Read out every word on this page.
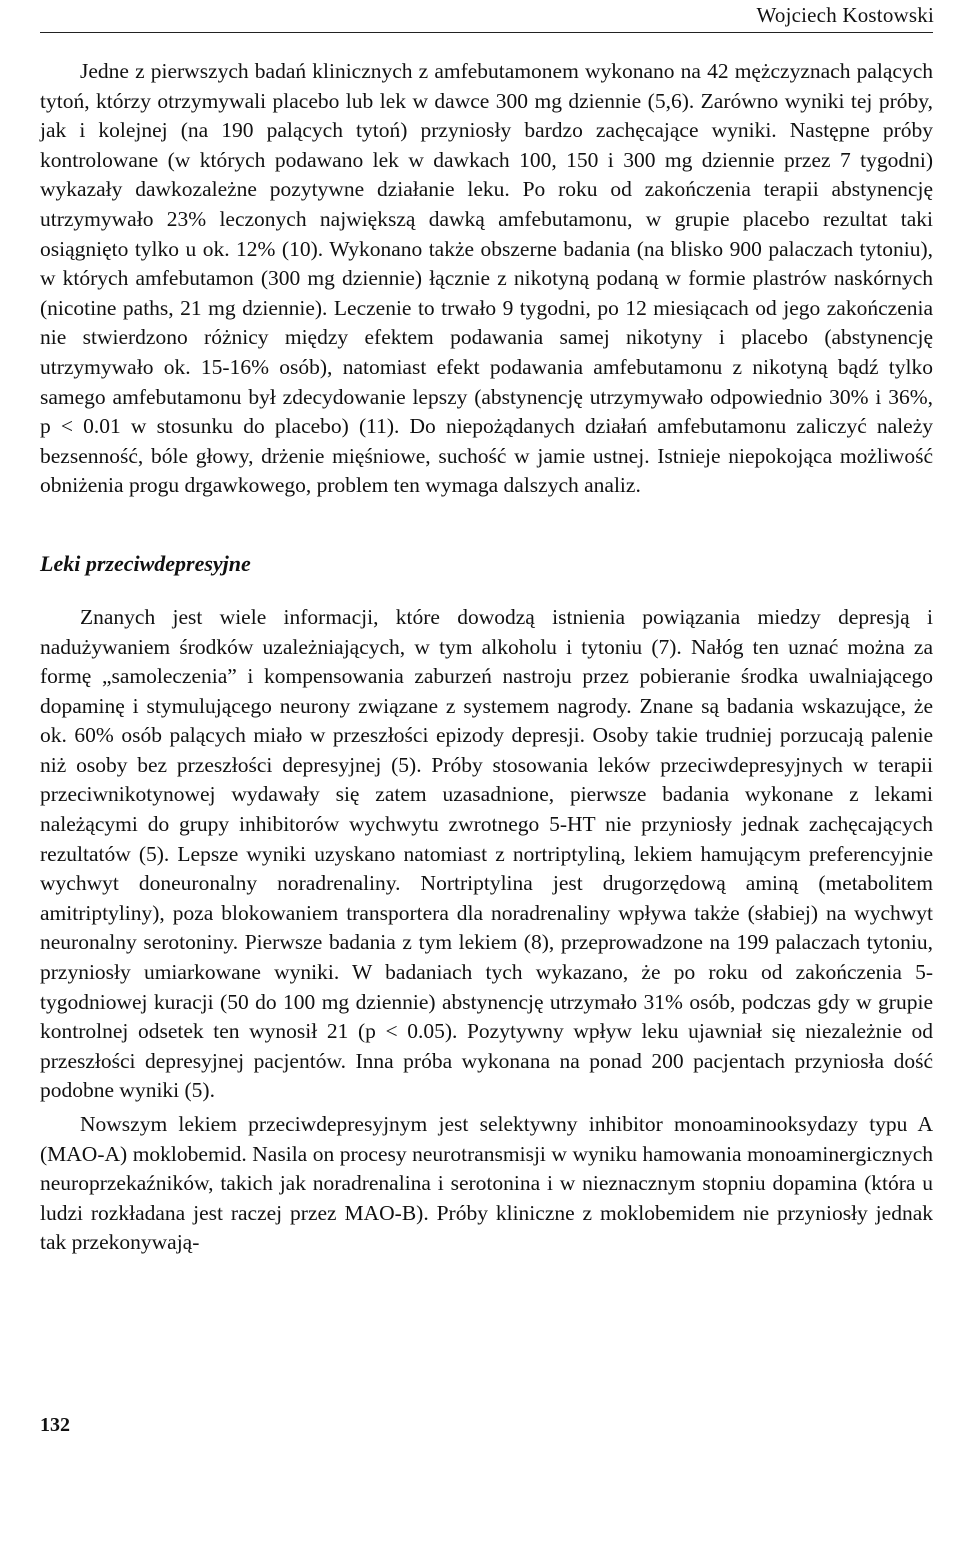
Wojciech Kostowski

Jedne z pierwszych badań klinicznych z amfebutamonem wykonano na 42 mężczyznach palących tytoń, którzy otrzymywali placebo lub lek w dawce 300 mg dziennie (5,6). Zarówno wyniki tej próby, jak i kolejnej (na 190 palących tytoń) przyniosły bardzo zachęcające wyniki. Następne próby kontrolowane (w których podawano lek w dawkach 100, 150 i 300 mg dziennie przez 7 tygodni) wykazały dawkozależne pozytywne działanie leku. Po roku od zakończenia terapii abstynencję utrzymywało 23% leczonych największą dawką amfebutamonu, w grupie placebo rezultat taki osiągnięto tylko u ok. 12% (10). Wykonano także obszerne badania (na blisko 900 palaczach tytoniu), w których amfebutamon (300 mg dziennie) łącznie z nikotyną podaną w formie plastrów naskórnych (nicotine paths, 21 mg dziennie). Leczenie to trwało 9 tygodni, po 12 miesiącach od jego zakończenia nie stwierdzono różnicy między efektem podawania samej nikotyny i placebo (abstynencję utrzymywało ok. 15-16% osób), natomiast efekt podawania amfebutamonu z nikotyną bądź tylko samego amfebutamonu był zdecydowanie lepszy (abstynencję utrzymywało odpowiednio 30% i 36%, p < 0.01 w stosunku do placebo) (11). Do niepożądanych działań amfebutamonu zaliczyć należy bezsenność, bóle głowy, drżenie mięśniowe, suchość w jamie ustnej. Istnieje niepokojąca możliwość obniżenia progu drgawkowego, problem ten wymaga dalszych analiz.

Leki przeciwdepresyjne

Znanych jest wiele informacji, które dowodzą istnienia powiązania miedzy depresją i nadużywaniem środków uzależniających, w tym alkoholu i tytoniu (7). Nałóg ten uznać można za formę „samoleczenia” i kompensowania zaburzeń nastroju przez pobieranie środka uwalniającego dopaminę i stymulującego neurony związane z systemem nagrody. Znane są badania wskazujące, że ok. 60% osób palących miało w przeszłości epizody depresji. Osoby takie trudniej porzucają palenie niż osoby bez przeszłości depresyjnej (5). Próby stosowania leków przeciwdepresyjnych w terapii przeciwnikotynowej wydawały się zatem uzasadnione, pierwsze badania wykonane z lekami należącymi do grupy inhibitorów wychwytu zwrotnego 5-HT nie przyniosły jednak zachęcających rezultatów (5). Lepsze wyniki uzyskano natomiast z nortriptyliną, lekiem hamującym preferencyjnie wychwyt doneuronalny noradrenaliny. Nortriptylina jest drugorzędową aminą (metabolitem amitriptyliny), poza blokowaniem transportera dla noradrenaliny wpływa także (słabiej) na wychwyt neuronalny serotoniny. Pierwsze badania z tym lekiem (8), przeprowadzone na 199 palaczach tytoniu, przyniosły umiarkowane wyniki. W badaniach tych wykazano, że po roku od zakończenia 5-tygodniowej kuracji (50 do 100 mg dziennie) abstynencję utrzymało 31% osób, podczas gdy w grupie kontrolnej odsetek ten wynosił 21 (p < 0.05). Pozytywny wpływ leku ujawniał się niezależnie od przeszłości depresyjnej pacjentów. Inna próba wykonana na ponad 200 pacjentach przyniosła dość podobne wyniki (5).

Nowszym lekiem przeciwdepresyjnym jest selektywny inhibitor monoaminooksydazy typu A (MAO-A) moklobemid. Nasila on procesy neurotransmisji w wyniku hamowania monoaminergicznych neuroprzekaźników, takich jak noradrenalina i serotonina i w nieznacznym stopniu dopamina (która u ludzi rozkładana jest raczej przez MAO-B). Próby kliniczne z moklobemidem nie przyniosły jednak tak przekonywają-

132
